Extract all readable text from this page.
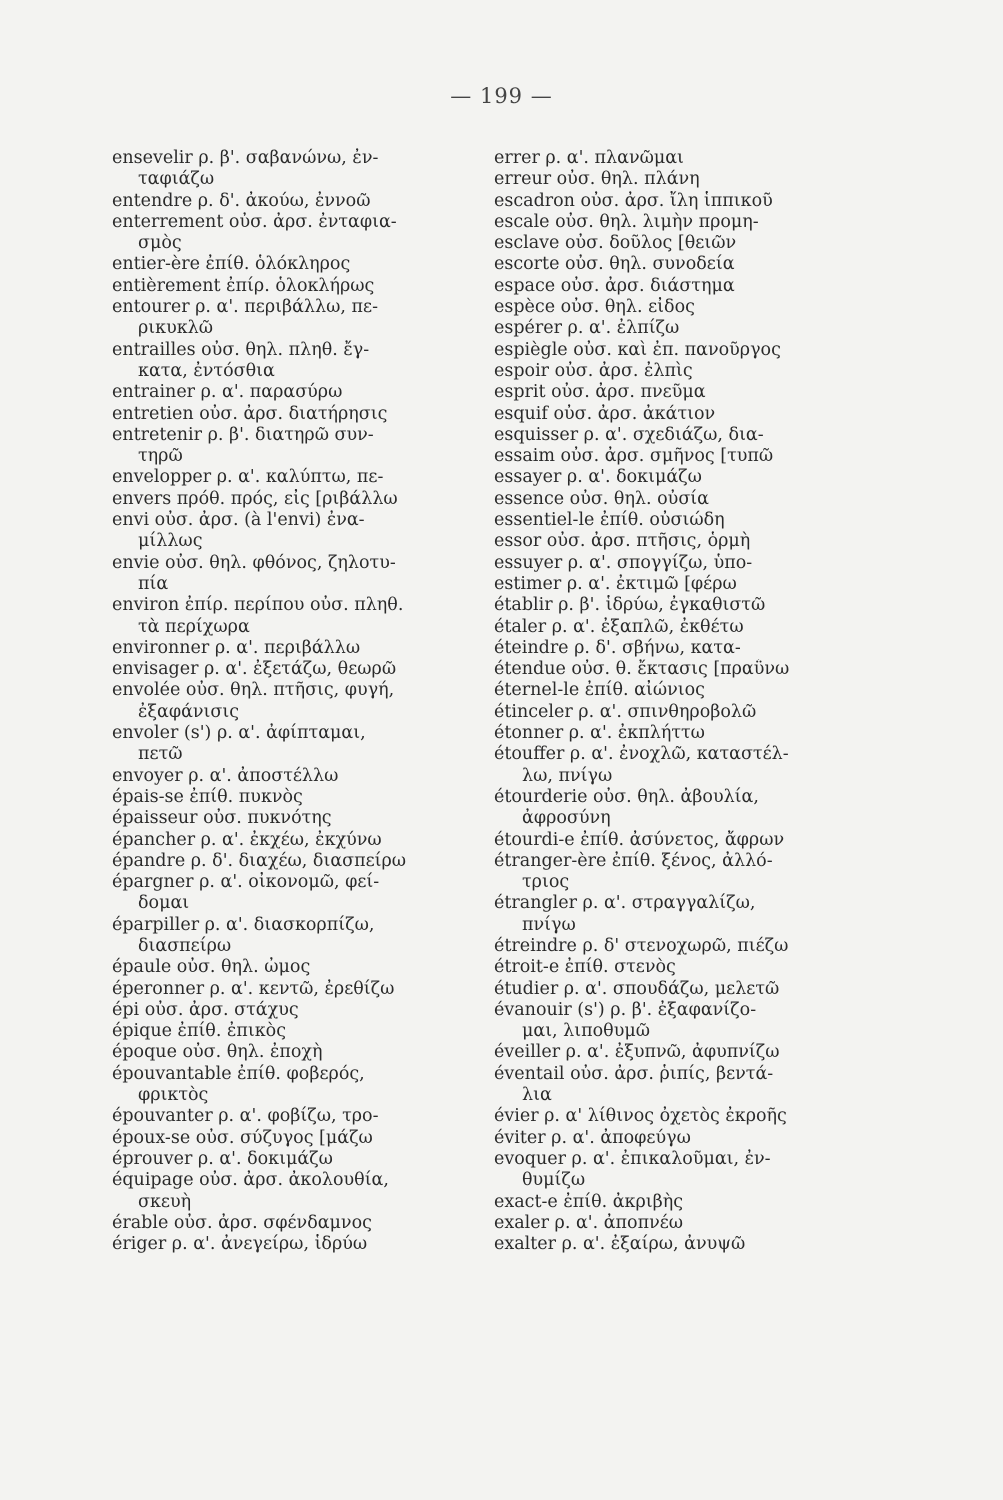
— 199 —
ensevelir ρ. β'. σαβανώνω, ἐν-
ταφιάζω
entendre ρ. δ'. ἀκούω, ἐννοῶ
enterrement οὐσ. ἀρσ. ἐνταφια-
σμὸς
entier-ère ἐπίθ. ὁλόκληρος
entièrement ἐπίρ. ὁλοκλήρως
entourer ρ. α'. περιβάλλω, πε-
ρικυκλῶ
entrailles οὐσ. θηλ. πληθ. ἔγ-
κατα, ἐντόσθια
entrainer ρ. α'. παρασύρω
entretien οὐσ. ἀρσ. διατήρησις
entretenir ρ. β'. διατηρῶ συν-
τηρῶ
envelopper ρ. α'. καλύπτω, πε-
envers πρόθ. πρός, εἰς [ριβάλλω
envi οὐσ. ἀρσ. (à l'envi) ἐνα-
μίλλως
envie οὐσ. θηλ. φθόνος, ζηλοτυ-
πία
environ ἐπίρ. περίπου οὐσ. πληθ.
τὰ περίχωρα
environner ρ. α'. περιβάλλω
envisager ρ. α'. ἐξετάζω, θεωρῶ
envolée οὐσ. θηλ. πτῆσις, φυγή,
ἐξαφάνισις
envoler (s') ρ. α'. ἀφίπταμαι,
πετῶ
envoyer ρ. α'. ἀποστέλλω
épais-se ἐπίθ. πυκνὸς
épaisseur οὐσ. πυκνότης
épancher ρ. α'. ἐκχέω, ἐκχύνω
épandre ρ. δ'. διαχέω, διασπείρω
épargner ρ. α'. οἰκονομῶ, φεί-
δομαι
éparpiller ρ. α'. διασκορπίζω,
διασπείρω
épaule οὐσ. θηλ. ὦμος
éperonner ρ. α'. κεντῶ, ἐρεθίζω
épi οὐσ. ἀρσ. στάχυς
épique ἐπίθ. ἐπικὸς
époque οὐσ. θηλ. ἐποχὴ
épouvantable ἐπίθ. φοβερός,
φρικτὸς
épouvanter ρ. α'. φοβίζω, τρο-
époux-se οὐσ. σύζυγος [μάζω
éprouver ρ. α'. δοκιμάζω
équipage οὐσ. ἀρσ. ἀκολουθία,
σκευὴ
érable οὐσ. ἀρσ. σφένδαμνος
ériger ρ. α'. ἀνεγείρω, ἱδρύω
errer ρ. α'. πλανῶμαι
erreur οὐσ. θηλ. πλάνη
escadron οὐσ. ἀρσ. ἴλη ἱππικοῦ
escale οὐσ. θηλ. λιμὴν προμη-
esclave οὐσ. δοῦλος [θειῶν
escorte οὐσ. θηλ. συνοδεία
espace οὐσ. ἀρσ. διάστημα
espèce οὐσ. θηλ. εἶδος
espérer ρ. α'. ἐλπίζω
espiègle οὐσ. καὶ ἐπ. πανοῦργος
espoir οὐσ. ἀρσ. ἐλπὶς
esprit οὐσ. ἀρσ. πνεῦμα
esquif οὐσ. ἀρσ. ἀκάτιον
esquisser ρ. α'. σχεδιάζω, δια-
essaim οὐσ. ἀρσ. σμῆνος [τυπῶ
essayer ρ. α'. δοκιμάζω
essence οὐσ. θηλ. οὐσία
essentiel-le ἐπίθ. οὐσιώδη
essor οὐσ. ἀρσ. πτῆσις, ὁρμὴ
essuyer ρ. α'. σπογγίζω, ὑπο-
estimer ρ. α'. ἐκτιμῶ [φέρω
établir ρ. β'. ἱδρύω, ἐγκαθιστῶ
étaler ρ. α'. ἐξαπλῶ, ἐκθέτω
éteindre ρ. δ'. σβήνω, κατα-
étendue οὐσ. θ. ἔκτασις [πραΰνω
éternel-le ἐπίθ. αἰώνιος
étinceler ρ. α'. σπινθηροβολῶ
étonner ρ. α'. ἐκπλήττω
étouffer ρ. α'. ἐνοχλῶ, καταστέλ-
λω, πνίγω
étourderie οὐσ. θηλ. ἀβουλία,
ἀφροσύνη
étourdi-e ἐπίθ. ἀσύνετος, ἄφρων
étranger-ère ἐπίθ. ξένος, ἀλλό-
τριος
étrangler ρ. α'. στραγγαλίζω,
πνίγω
étreindre ρ. δ' στενοχωρῶ, πιέζω
étroit-e ἐπίθ. στενὸς
étudier ρ. α'. σπουδάζω, μελετῶ
évanouir (s') ρ. β'. ἐξαφανίζο-
μαι, λιποθυμῶ
éveiller ρ. α'. ἐξυπνῶ, ἀφυπνίζω
éventail οὐσ. ἀρσ. ῥιπίς, βεντά-
λια
évier ρ. α' λίθινος ὀχετὸς ἐκροῆς
éviter ρ. α'. ἀποφεύγω
evoquer ρ. α'. ἐπικαλοῦμαι, ἐν-
θυμίζω
exact-e ἐπίθ. ἀκριβὴς
exaler ρ. α'. ἀποπνέω
exalter ρ. α'. ἐξαίρω, ἀνυψῶ
